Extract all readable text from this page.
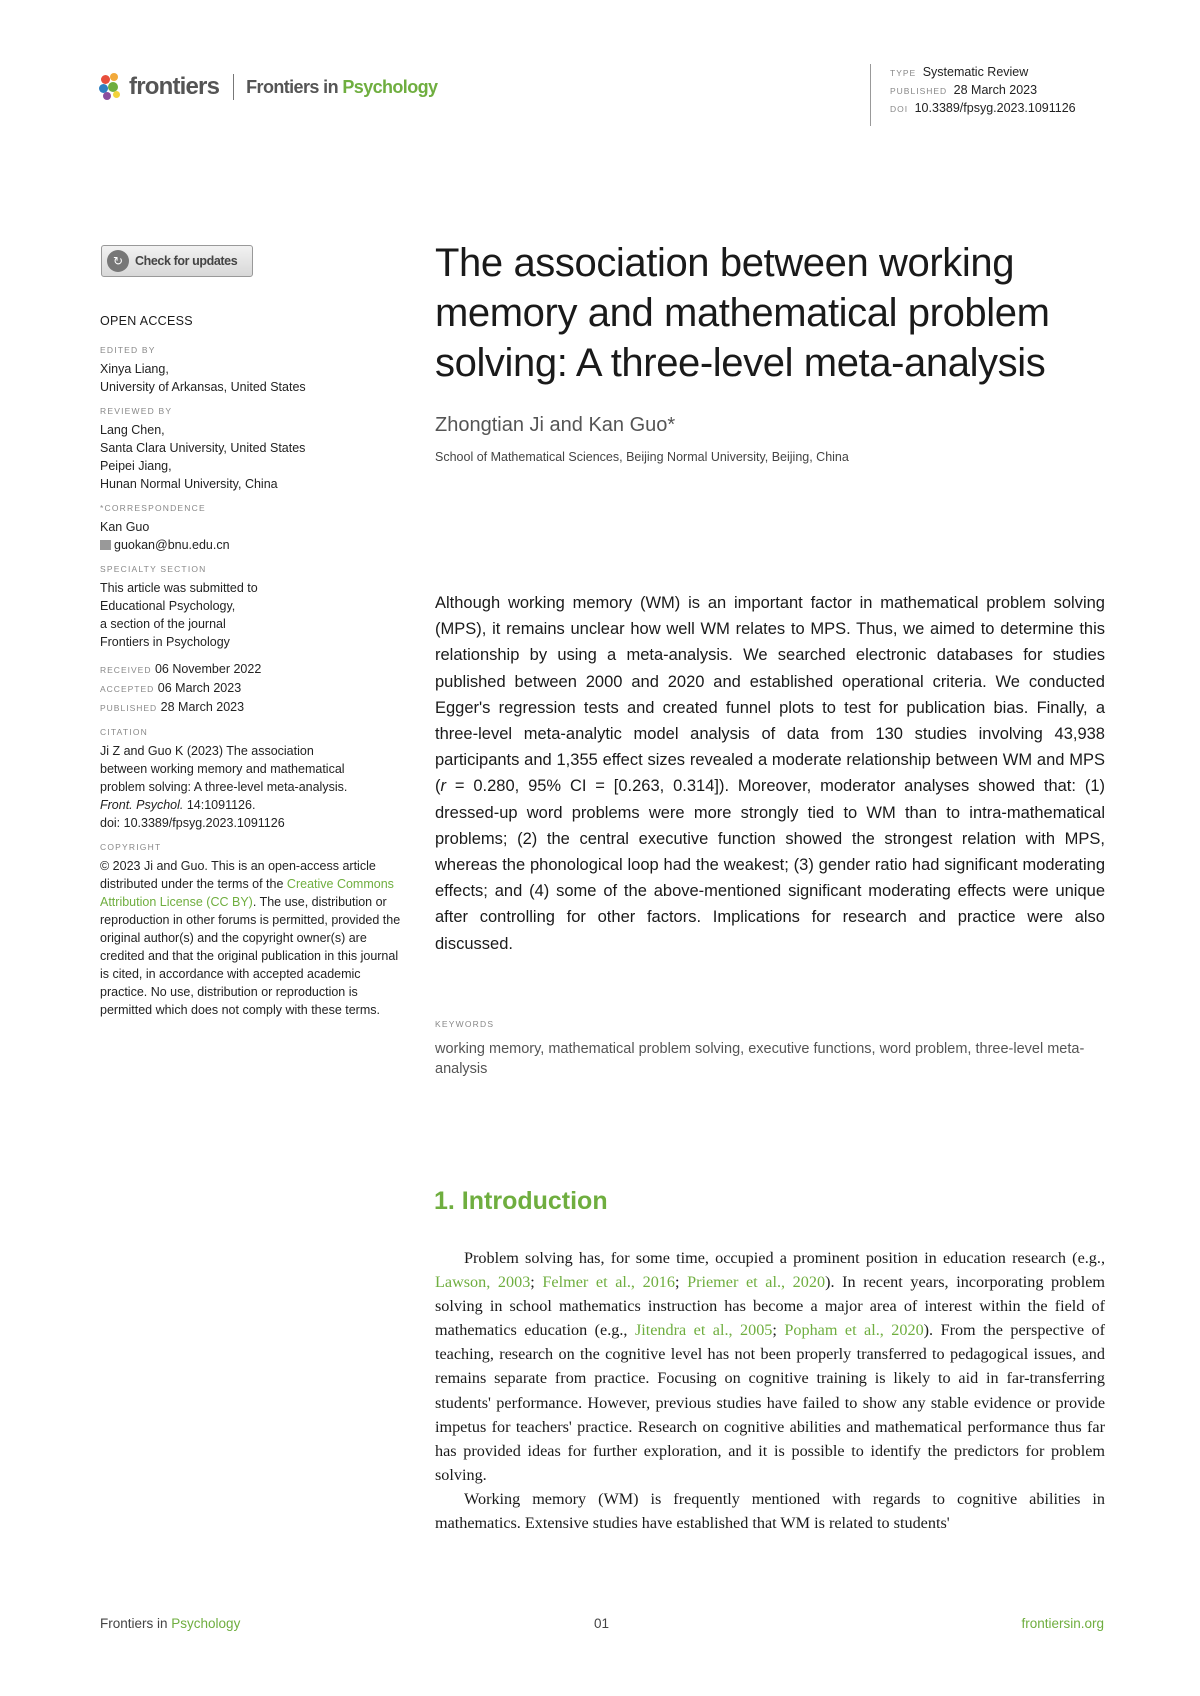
frontiers Frontiers in Psychology
TYPE Systematic Review
PUBLISHED 28 March 2023
DOI 10.3389/fpsyg.2023.1091126
↻ Check for updates
OPEN ACCESS
EDITED BY
Xinya Liang,
University of Arkansas, United States
REVIEWED BY
Lang Chen,
Santa Clara University, United States
Peipei Jiang,
Hunan Normal University, China
*CORRESPONDENCE
Kan Guo
guokan@bnu.edu.cn
SPECIALTY SECTION
This article was submitted to
Educational Psychology,
a section of the journal
Frontiers in Psychology
RECEIVED 06 November 2022
ACCEPTED 06 March 2023
PUBLISHED 28 March 2023
CITATION
Ji Z and Guo K (2023) The association
between working memory and mathematical
problem solving: A three-level meta-analysis.
Front. Psychol. 14:1091126.
doi: 10.3389/fpsyg.2023.1091126
COPYRIGHT
© 2023 Ji and Guo. This is an open-access article distributed under the terms of the Creative Commons Attribution License (CC BY). The use, distribution or reproduction in other forums is permitted, provided the original author(s) and the copyright owner(s) are credited and that the original publication in this journal is cited, in accordance with accepted academic practice. No use, distribution or reproduction is permitted which does not comply with these terms.
The association between working memory and mathematical problem solving: A three-level meta-analysis
Zhongtian Ji and Kan Guo*
School of Mathematical Sciences, Beijing Normal University, Beijing, China
Although working memory (WM) is an important factor in mathematical problem solving (MPS), it remains unclear how well WM relates to MPS. Thus, we aimed to determine this relationship by using a meta-analysis. We searched electronic databases for studies published between 2000 and 2020 and established operational criteria. We conducted Egger's regression tests and created funnel plots to test for publication bias. Finally, a three-level meta-analytic model analysis of data from 130 studies involving 43,938 participants and 1,355 effect sizes revealed a moderate relationship between WM and MPS (r = 0.280, 95% CI = [0.263, 0.314]). Moreover, moderator analyses showed that: (1) dressed-up word problems were more strongly tied to WM than to intra-mathematical problems; (2) the central executive function showed the strongest relation with MPS, whereas the phonological loop had the weakest; (3) gender ratio had significant moderating effects; and (4) some of the above-mentioned significant moderating effects were unique after controlling for other factors. Implications for research and practice were also discussed.
KEYWORDS
working memory, mathematical problem solving, executive functions, word problem, three-level meta-analysis
1. Introduction

Problem solving has, for some time, occupied a prominent position in education research (e.g., Lawson, 2003; Felmer et al., 2016; Priemer et al., 2020). In recent years, incorporating problem solving in school mathematics instruction has become a major area of interest within the field of mathematics education (e.g., Jitendra et al., 2005; Popham et al., 2020). From the perspective of teaching, research on the cognitive level has not been properly transferred to pedagogical issues, and remains separate from practice. Focusing on cognitive training is likely to aid in far-transferring students' performance. However, previous studies have failed to show any stable evidence or provide impetus for teachers' practice. Research on cognitive abilities and mathematical performance thus far has provided ideas for further exploration, and it is possible to identify the predictors for problem solving.

Working memory (WM) is frequently mentioned with regards to cognitive abilities in mathematics. Extensive studies have established that WM is related to students'

Frontiers in Psychology	01	frontiersin.org
